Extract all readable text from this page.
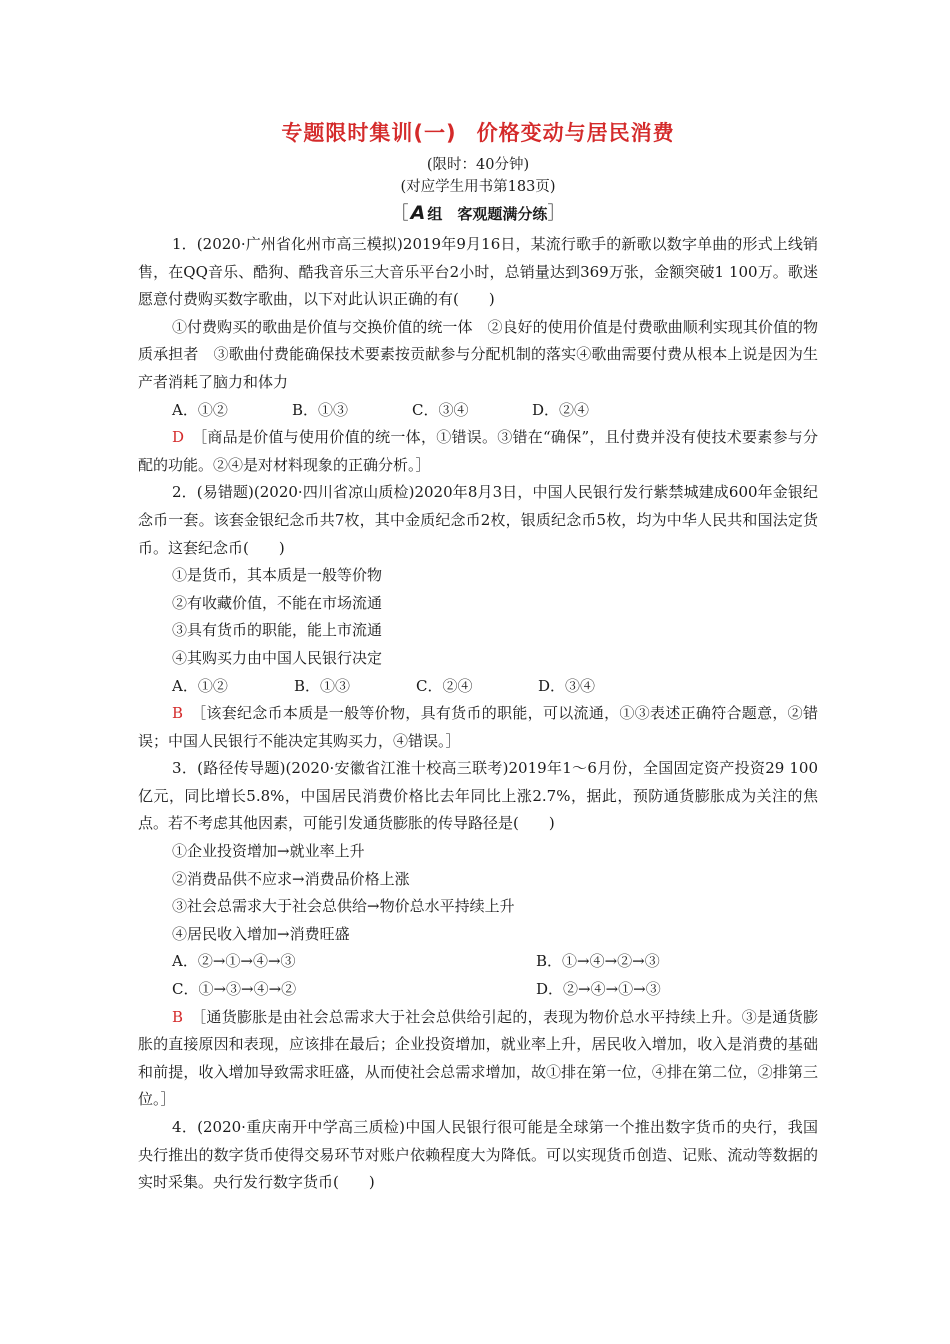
专题限时集训(一) 价格变动与居民消费
(限时：40分钟)
(对应学生用书第183页)
［ A 组　客观题满分练］

1．(2020·广州省化州市高三模拟)2019年9月16日，某流行歌手的新歌以数字单曲的形式上线销售，在QQ音乐、酷狗、酷我音乐三大音乐平台2小时，总销量达到369万张，金额突破1 100万。歌迷愿意付费购买数字歌曲，以下对此认识正确的有(　　)

①付费购买的歌曲是价值与交换价值的统一体　②良好的使用价值是付费歌曲顺利实现其价值的物质承担者　③歌曲付费能确保技术要素按贡献参与分配机制的落实④歌曲需要付费从根本上说是因为生产者消耗了脑力和体力

A．①②	B．①③	C．③④	D．②④

D　 ［商品是价值与使用价值的统一体，①错误。③错在“确保”，且付费并没有使技术要素参与分配的功能。②④是对材料现象的正确分析。］

2．(易错题)(2020·四川省凉山质检)2020年8月3日，中国人民银行发行紫禁城建成600年金银纪念币一套。该套金银纪念币共7枚，其中金质纪念币2枚，银质纪念币5枚，均为中华人民共和国法定货币。这套纪念币(　　)

①是货币，其本质是一般等价物

②有收藏价值，不能在市场流通

③具有货币的职能，能上市流通

④其购买力由中国人民银行决定

A．①②	B．①③	C．②④	D．③④

B　 ［该套纪念币本质是一般等价物，具有货币的职能，可以流通，①③表述正确符合题意，②错误；中国人民银行不能决定其购买力，④错误。］

3．(路径传导题)(2020·安徽省江淮十校高三联考)2019年1～6月份，全国固定资产投资29 100亿元，同比增长5.8%，中国居民消费价格比去年同比上涨2.7%，据此，预防通货膨胀成为关注的焦点。若不考虑其他因素，可能引发通货膨胀的传导路径是(　　)

①企业投资增加→就业率上升

②消费品供不应求→消费品价格上涨

③社会总需求大于社会总供给→物价总水平持续上升

④居民收入增加→消费旺盛

A．②→①→④→③	B．①→④→②→③

C．①→③→④→②	D．②→④→①→③

B　 ［通货膨胀是由社会总需求大于社会总供给引起的，表现为物价总水平持续上升。③是通货膨胀的直接原因和表现，应该排在最后；企业投资增加，就业率上升，居民收入增加，收入是消费的基础和前提，收入增加导致需求旺盛，从而使社会总需求增加，故①排在第一位，④排在第二位，②排第三位。］

4．(2020·重庆南开中学高三质检)中国人民银行很可能是全球第一个推出数字货币的央行，我国央行推出的数字货币使得交易环节对账户依赖程度大为降低。可以实现货币创造、记账、流动等数据的实时采集。央行发行数字货币(　　)
